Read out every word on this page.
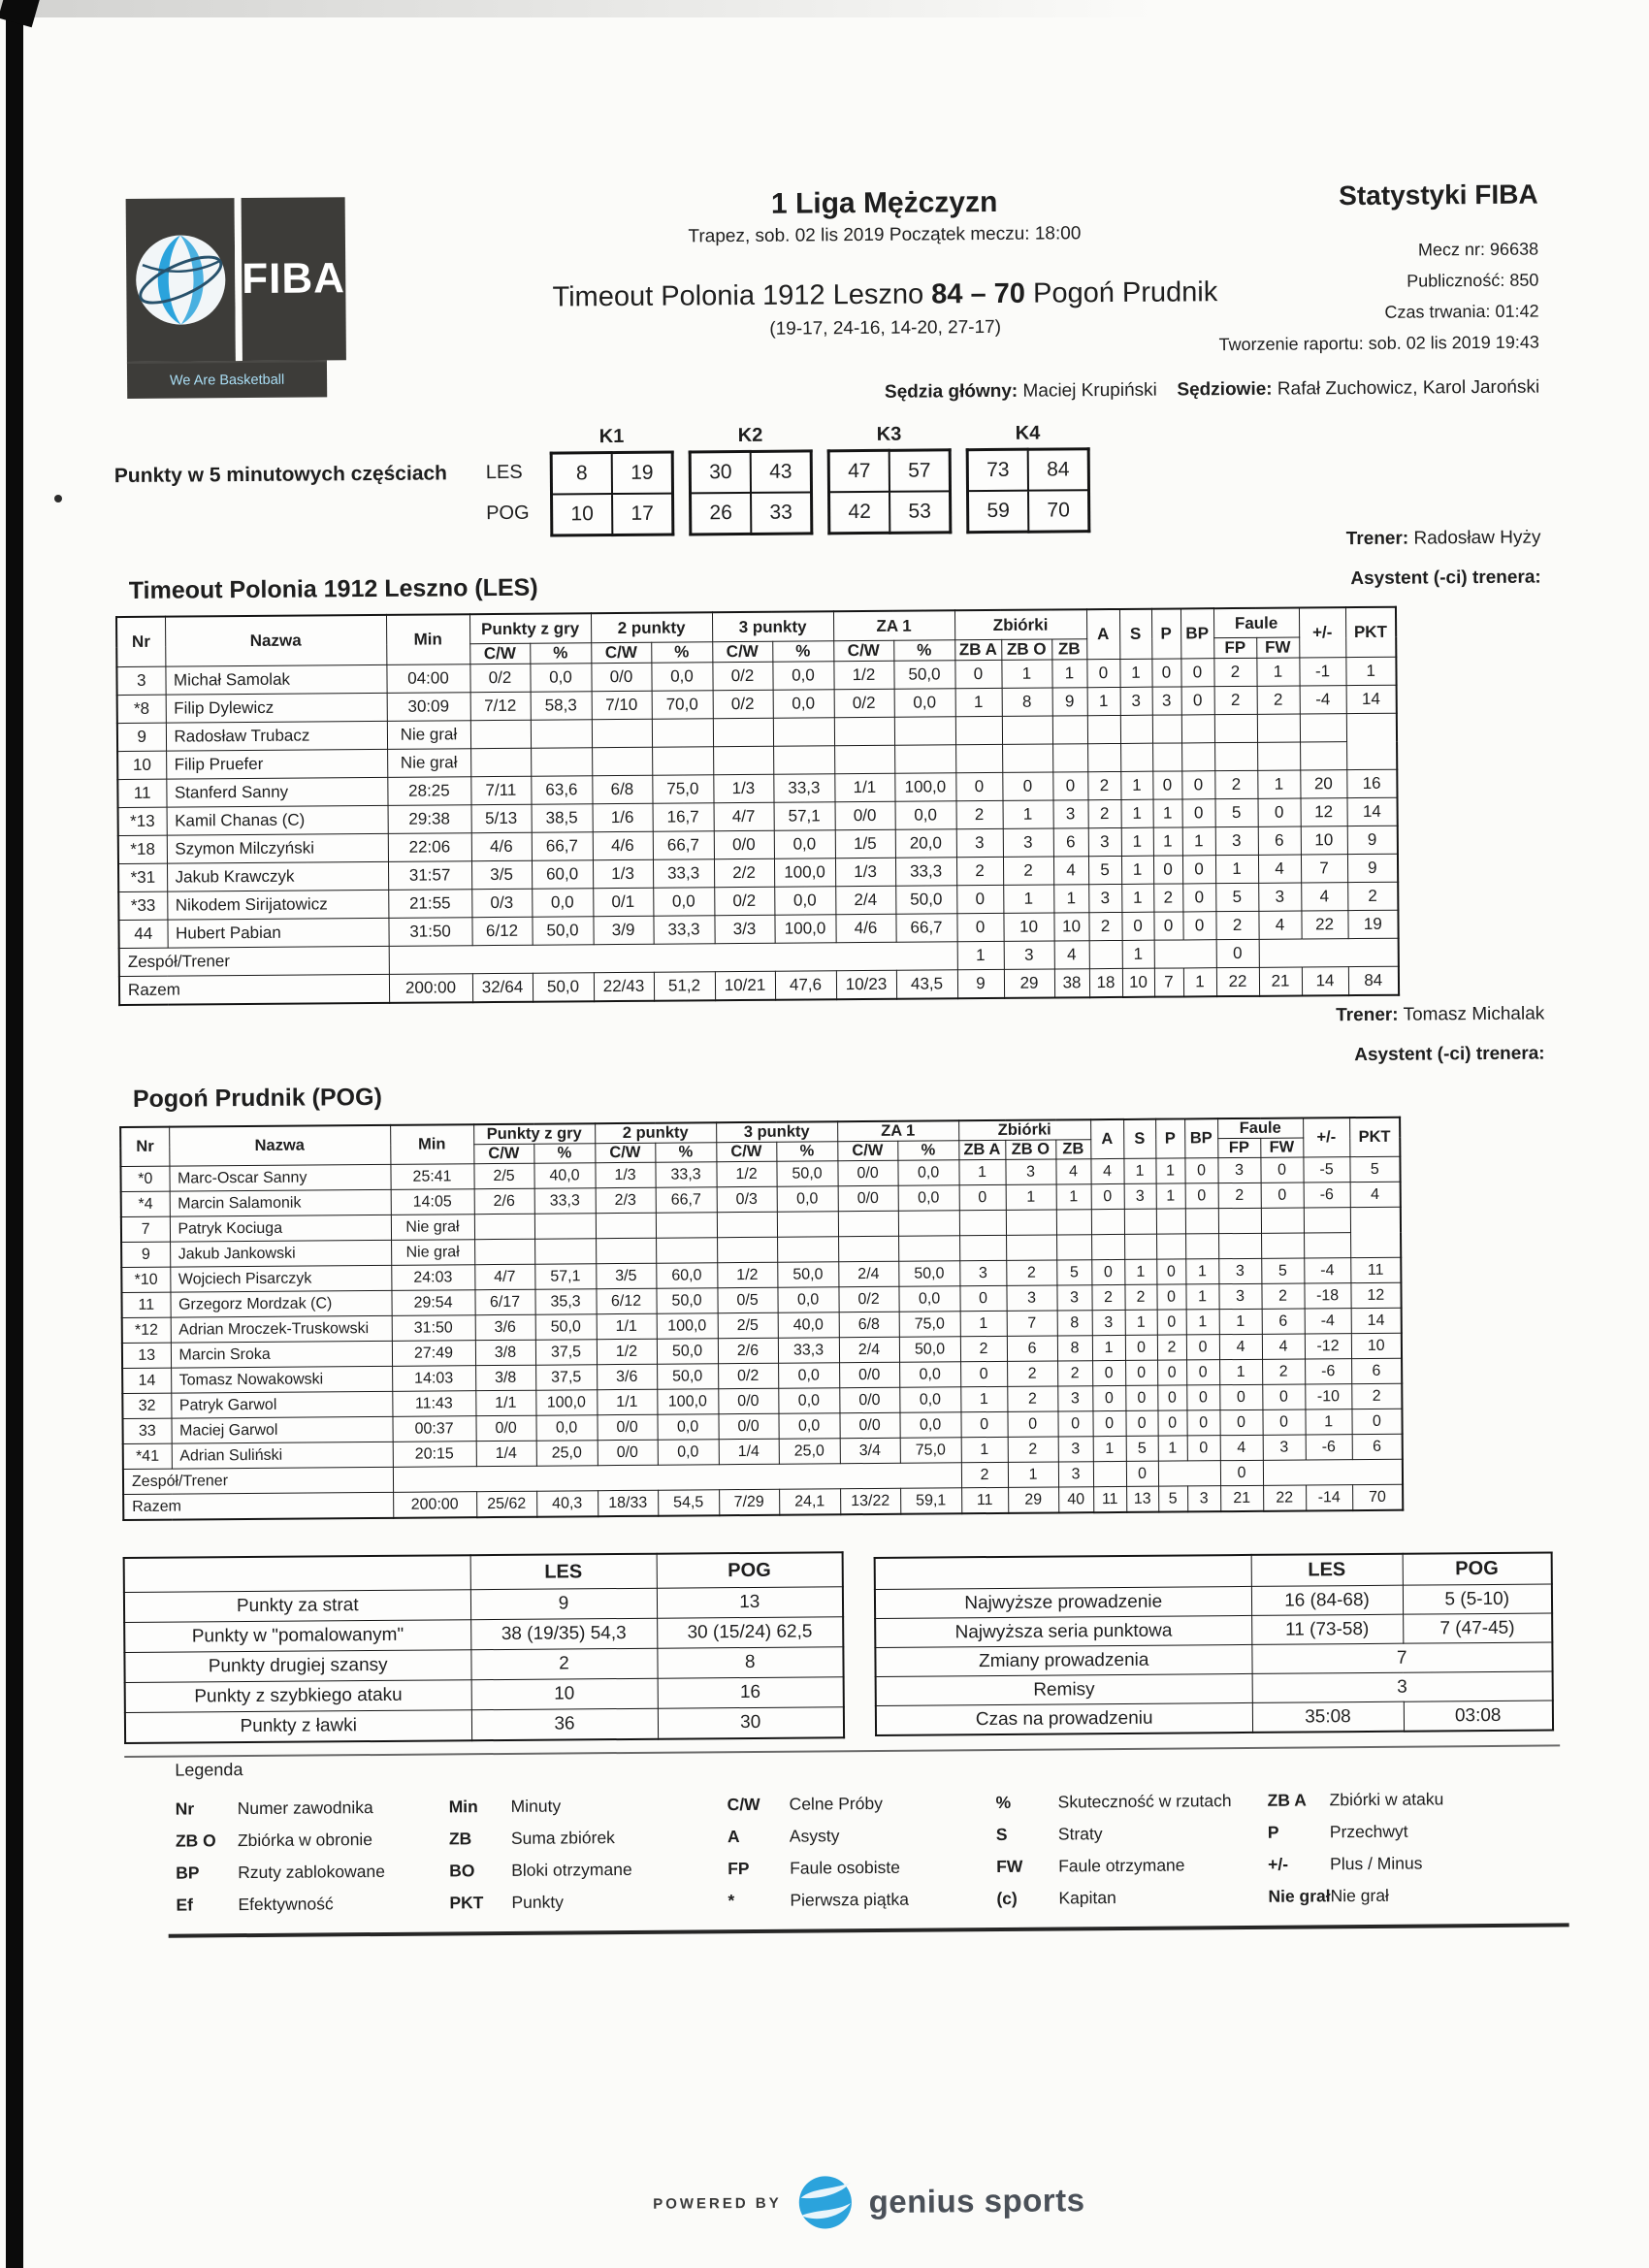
FIBA
We Are Basketball
1 Liga Mężczyzn
Trapez, sob. 02 lis 2019 Początek meczu: 18:00
Statystyki FIBA
Mecz nr: 96638
Publiczność: 850
Czas trwania: 01:42
Tworzenie raportu: sob. 02 lis 2019 19:43
Timeout Polonia 1912 Leszno 84 – 70 Pogoń Prudnik
(19-17, 24-16, 14-20, 27-17)
Sędzia główny: Maciej Krupiński Sędziowie: Rafał Zuchowicz, Karol Jaroński
Punkty w 5 minutowych częściach LES
POG
K1
8	19
10	17
K2
30	43
26	33
K3
47	57
42	53
K4
73	84
59	70
Trener: Radosław Hyży
Asystent (-ci) trenera:
Timeout Polonia 1912 Leszno (LES)
Nr	Nazwa	Min	Punkty z gry		2 punkty		3 punkty		ZA 1		Zbiórki			A	S	P	BP	Faule		+/-	PKT
			C/W	%	C/W	%	C/W	%	C/W	%	ZB A	ZB O	ZB					FP	FW		
3	Michał Samolak	04:00	0/2	0,0	0/0	0,0	0/2	0,0	1/2	50,0	0	1	1	0	1	0	0	2	1	-1	1
*8	Filip Dylewicz	30:09	7/12	58,3	7/10	70,0	0/2	0,0	0/2	0,0	1	8	9	1	3	3	0	2	2	-4	14
9	Radosław Trubacz	Nie grał																			
10	Filip Pruefer	Nie grał																			
11	Stanferd Sanny	28:25	7/11	63,6	6/8	75,0	1/3	33,3	1/1	100,0	0	0	0	2	1	0	0	2	1	20	16
*13	Kamil Chanas (C)	29:38	5/13	38,5	1/6	16,7	4/7	57,1	0/0	0,0	2	1	3	2	1	1	0	5	0	12	14
*18	Szymon Milczyński	22:06	4/6	66,7	4/6	66,7	0/0	0,0	1/5	20,0	3	3	6	3	1	1	1	3	6	10	9
*31	Jakub Krawczyk	31:57	3/5	60,0	1/3	33,3	2/2	100,0	1/3	33,3	2	2	4	5	1	0	0	1	4	7	9
*33	Nikodem Sirijatowicz	21:55	0/3	0,0	0/1	0,0	0/2	0,0	2/4	50,0	0	1	1	3	1	2	0	5	3	4	2
44	Hubert Pabian	31:50	6/12	50,0	3/9	33,3	3/3	100,0	4/6	66,7	0	10	10	2	0	0	0	2	4	22	19
Zespół/Trener											1	3	4		1			0			
Razem		200:00	32/64	50,0	22/43	51,2	10/21	47,6	10/23	43,5	9	29	38	18	10	7	1	22	21	14	84
Trener: Tomasz Michalak
Asystent (-ci) trenera:
Pogoń Prudnik (POG)
Nr	Nazwa	Min	Punkty z gry		2 punkty		3 punkty		ZA 1		Zbiórki			A	S	P	BP	Faule		+/-	PKT
			C/W	%	C/W	%	C/W	%	C/W	%	ZB A	ZB O	ZB					FP	FW		
*0	Marc-Oscar Sanny	25:41	2/5	40,0	1/3	33,3	1/2	50,0	0/0	0,0	1	3	4	4	1	1	0	3	0	-5	5
*4	Marcin Salamonik	14:05	2/6	33,3	2/3	66,7	0/3	0,0	0/0	0,0	0	1	1	0	3	1	0	2	0	-6	4
7	Patryk Kociuga	Nie grał																			
9	Jakub Jankowski	Nie grał																			
*10	Wojciech Pisarczyk	24:03	4/7	57,1	3/5	60,0	1/2	50,0	2/4	50,0	3	2	5	0	1	0	1	3	5	-4	11
11	Grzegorz Mordzak (C)	29:54	6/17	35,3	6/12	50,0	0/5	0,0	0/2	0,0	0	3	3	2	2	0	1	3	2	-18	12
*12	Adrian Mroczek-Truskowski	31:50	3/6	50,0	1/1	100,0	2/5	40,0	6/8	75,0	1	7	8	3	1	0	1	1	6	-4	14
13	Marcin Sroka	27:49	3/8	37,5	1/2	50,0	2/6	33,3	2/4	50,0	2	6	8	1	0	2	0	4	4	-12	10
14	Tomasz Nowakowski	14:03	3/8	37,5	3/6	50,0	0/2	0,0	0/0	0,0	0	2	2	0	0	0	0	1	2	-6	6
32	Patryk Garwol	11:43	1/1	100,0	1/1	100,0	0/0	0,0	0/0	0,0	1	2	3	0	0	0	0	0	0	-10	2
33	Maciej Garwol	00:37	0/0	0,0	0/0	0,0	0/0	0,0	0/0	0,0	0	0	0	0	0	0	0	0	0	1	0
*41	Adrian Suliński	20:15	1/4	25,0	0/0	0,0	1/4	25,0	3/4	75,0	1	2	3	1	5	1	0	4	3	-6	6
Zespół/Trener											2	1	3		0			0			
Razem		200:00	25/62	40,3	18/33	54,5	7/29	24,1	13/22	59,1	11	29	40	11	13	5	3	21	22	-14	70
	LES	POG
Punkty za strat	9	13
Punkty w "pomalowanym"	38 (19/35) 54,3	30 (15/24) 62,5
Punkty drugiej szansy	2	8
Punkty z szybkiego ataku	10	16
Punkty z ławki	36	30
	LES	POG
Najwyższe prowadzenie	16 (84-68)	5 (5-10)
Najwyższa seria punktowa	11 (73-58)	7 (47-45)
Zmiany prowadzenia	7	
Remisy	3	
Czas na prowadzeniu	35:08	03:08
Legenda
Nr	Numer zawodnika
ZB O	Zbiórka w obronie
BP	Rzuty zablokowane
Ef	Efektywność
Min	Minuty
ZB	Suma zbiórek
BO	Bloki otrzymane
PKT	Punkty
C/W	Celne Próby
A	Asysty
FP	Faule osobiste
*	Pierwsza piątka
%	Skuteczność w rzutach
S	Straty
FW	Faule otrzymane
(c)	Kapitan
ZB A	Zbiórki w ataku
P	Przechwyt
+/-	Plus / Minus
Nie grał Nie grał
POWERED BY	genius sports
